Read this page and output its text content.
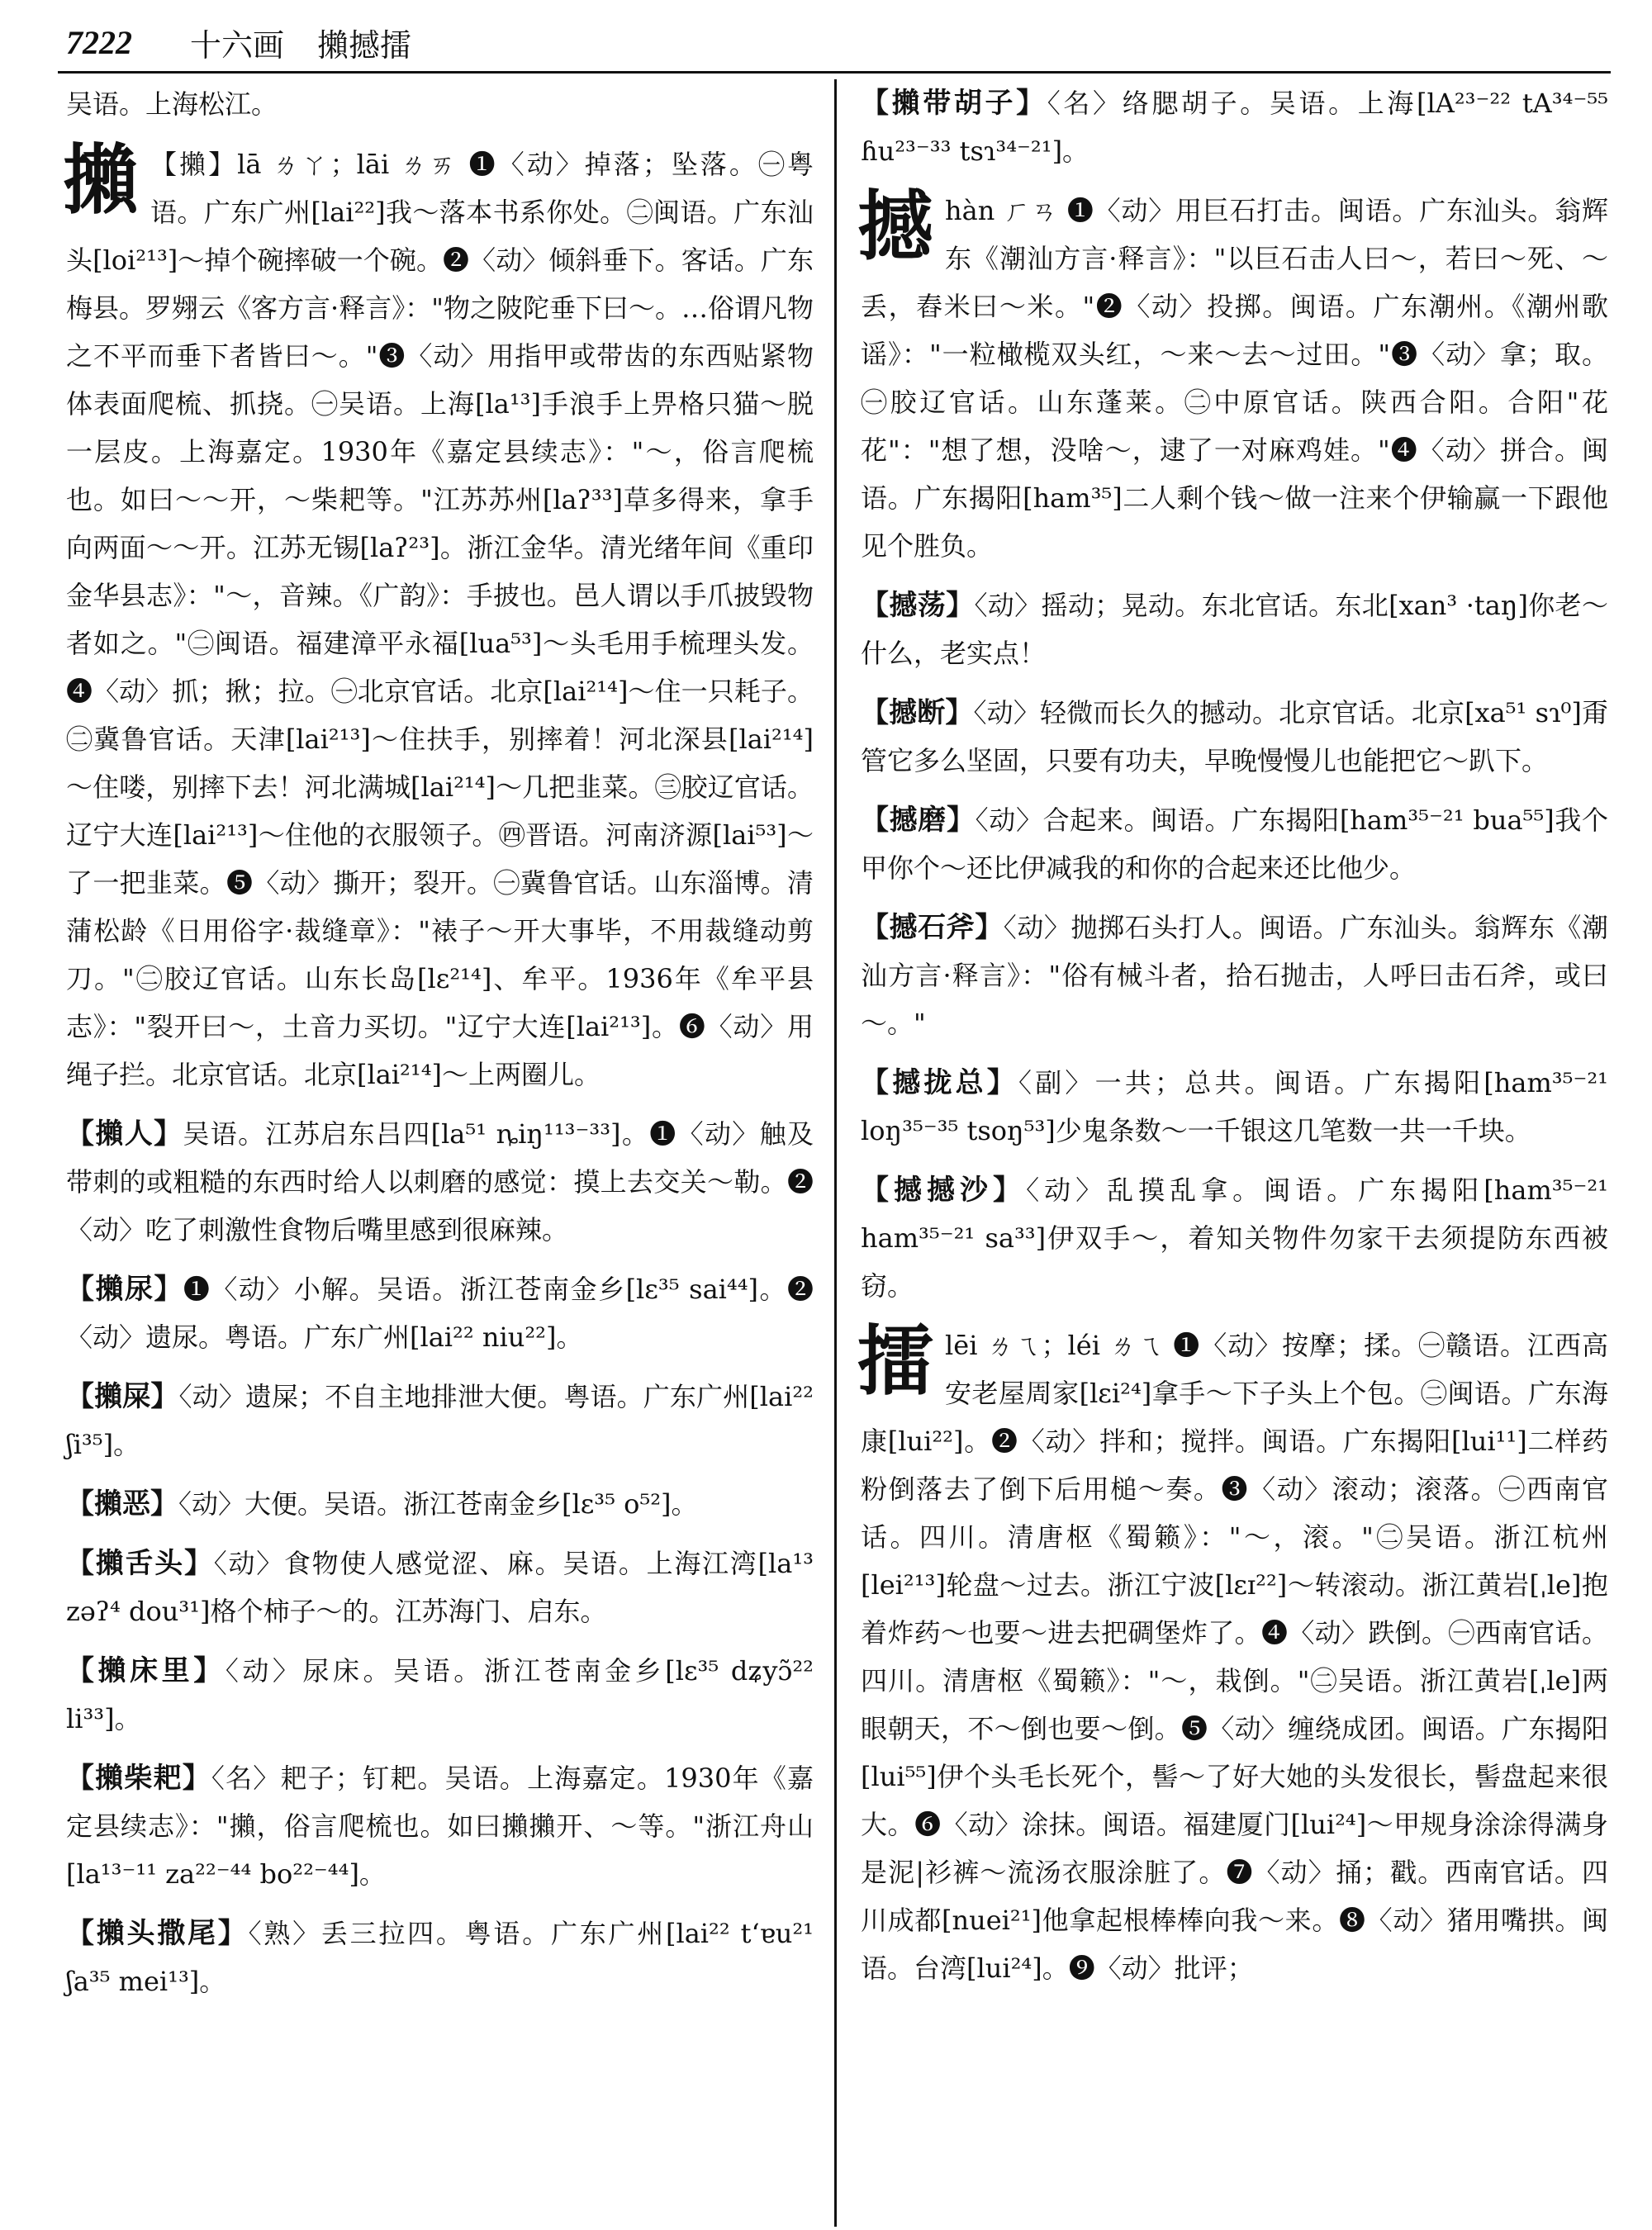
7222 十六画 攋撼擂
吴语。上海松江。
攋 【攋】lā ㄌㄚ；lāi ㄌㄞ ❶〈动〉掉落；坠落。㊀粤语。广东广州[lai²²]我～落本书系你处。㊁闽语。广东汕头[loi²¹³]～掉个碗摔破一个碗。❷〈动〉倾斜垂下。客话。广东梅县。罗翙云《客方言·释言》："物之陂陀垂下曰～。…俗谓凡物之不平而垂下者皆曰～。"❸〈动〉用指甲或带齿的东西贴紧物体表面爬梳、抓挠。㊀吴语。上海[la¹³]手浪手上畀格只猫～脱一层皮。上海嘉定。1930年《嘉定县续志》："～，俗言爬梳也。如曰～～开，～柴耙等。"江苏苏州[laʔ³³]草多得来，拿手向两面～～开。江苏无锡[laʔ²³]。浙江金华。清光绪年间《重印金华县志》："～，音辣。《广韵》：手披也。邑人谓以手爪披毁物者如之。"㊁闽语。福建漳平永福[lua⁵³]～头毛用手梳理头发。❹〈动〉抓；揪；拉。㊀北京官话。北京[lai²¹⁴]～住一只耗子。㊁冀鲁官话。天津[lai²¹³]～住扶手，别摔着！河北深县[lai²¹⁴]～住喽，别摔下去！河北满城[lai²¹⁴]～几把韭菜。㊂胶辽官话。辽宁大连[lai²¹³]～住他的衣服领子。㊃晋语。河南济源[lai⁵³]～了一把韭菜。❺〈动〉撕开；裂开。㊀冀鲁官话。山东淄博。清蒲松龄《日用俗字·裁缝章》："裱子～开大事毕，不用裁缝动剪刀。"㊁胶辽官话。山东长岛[lɛ²¹⁴]、牟平。1936年《牟平县志》："裂开曰～，土音力买切。"辽宁大连[lai²¹³]。❻〈动〉用绳子拦。北京官话。北京[lai²¹⁴]～上两圈儿。
【攋人】吴语。江苏启东吕四[la⁵¹ ȵiŋ¹¹³⁻³³]。❶〈动〉触及带刺的或粗糙的东西时给人以刺磨的感觉：摸上去交关～勒。❷〈动〉吃了刺激性食物后嘴里感到很麻辣。
【攋尿】❶〈动〉小解。吴语。浙江苍南金乡[lɛ³⁵ sai⁴⁴]。❷〈动〉遗尿。粤语。广东广州[lai²² niu²²]。
【攋屎】〈动〉遗屎；不自主地排泄大便。粤语。广东广州[lai²² ʃi³⁵]。
【攋恶】〈动〉大便。吴语。浙江苍南金乡[lɛ³⁵ o⁵²]。
【攋舌头】〈动〉食物使人感觉涩、麻。吴语。上海江湾[la¹³ zəʔ⁴ dou³¹]格个柿子～的。江苏海门、启东。
【攋床里】〈动〉尿床。吴语。浙江苍南金乡[lɛ³⁵ dʑyɔ̃²² li³³]。
【攋柴耙】〈名〉耙子；钉耙。吴语。上海嘉定。1930年《嘉定县续志》："攋，俗言爬梳也。如曰攋攋开、～等。"浙江舟山[la¹³⁻¹¹ za²²⁻⁴⁴ bo²²⁻⁴⁴]。
【攋头撒尾】〈熟〉丢三拉四。粤语。广东广州[lai²² tʻɐu²¹ ʃa³⁵ mei¹³]。
【攋带胡子】〈名〉络腮胡子。吴语。上海[lA²³⁻²² tA³⁴⁻⁵⁵ ɦu²³⁻³³ tsɿ³⁴⁻²¹]。
撼 hàn ㄏㄢ ❶〈动〉用巨石打击。闽语。广东汕头。翁辉东《潮汕方言·释言》："以巨石击人曰～，若曰～死、～丢，舂米曰～米。"❷〈动〉投掷。闽语。广东潮州。《潮州歌谣》："一粒橄榄双头红，～来～去～过田。"❸〈动〉拿；取。㊀胶辽官话。山东蓬莱。㊁中原官话。陕西合阳。合阳"花花"："想了想，没啥～，逮了一对麻鸡娃。"❹〈动〉拼合。闽语。广东揭阳[ham³⁵]二人剩个钱～做一注来个伊输赢一下跟他见个胜负。
【撼荡】〈动〉摇动；晃动。东北官话。东北[xan³ ·taŋ]你老～什么，老实点！
【撼断】〈动〉轻微而长久的撼动。北京官话。北京[xa⁵¹ sɿ⁰]甭管它多么坚固，只要有功夫，早晚慢慢儿也能把它～趴下。
【撼磨】〈动〉合起来。闽语。广东揭阳[ham³⁵⁻²¹ bua⁵⁵]我个甲你个～还比伊减我的和你的合起来还比他少。
【撼石斧】〈动〉抛掷石头打人。闽语。广东汕头。翁辉东《潮汕方言·释言》："俗有械斗者，拾石抛击，人呼曰击石斧，或曰～。"
【撼拢总】〈副〉一共；总共。闽语。广东揭阳[ham³⁵⁻²¹ loŋ³⁵⁻³⁵ tsoŋ⁵³]少鬼条数～一千银这几笔数一共一千块。
【撼撼沙】〈动〉乱摸乱拿。闽语。广东揭阳[ham³⁵⁻²¹ ham³⁵⁻²¹ sa³³]伊双手～，着知关物件勿家干去须提防东西被窃。
擂 lēi ㄌㄟ；léi ㄌㄟ ❶〈动〉按摩；揉。㊀赣语。江西高安老屋周家[lɛi²⁴]拿手～下子头上个包。㊁闽语。广东海康[lui²²]。❷〈动〉拌和；搅拌。闽语。广东揭阳[lui¹¹]二样药粉倒落去了倒下后用槌～奏。❸〈动〉滚动；滚落。㊀西南官话。四川。清唐枢《蜀籁》："～，滚。"㊁吴语。浙江杭州[lei²¹³]轮盘～过去。浙江宁波[lɛɪ²²]～转滚动。浙江黄岩[ˌle]抱着炸药～也要～进去把碉堡炸了。❹〈动〉跌倒。㊀西南官话。四川。清唐枢《蜀籁》："～，栽倒。"㊁吴语。浙江黄岩[ˌle]两眼朝天，不～倒也要～倒。❺〈动〉缠绕成团。闽语。广东揭阳[lui⁵⁵]伊个头毛长死个，髻～了好大她的头发很长，髻盘起来很大。❻〈动〉涂抹。闽语。福建厦门[lui²⁴]～甲规身涂涂得满身是泥|衫裤～流汤衣服涂脏了。❼〈动〉捅；戳。西南官话。四川成都[nuei²¹]他拿起根棒棒向我～来。❽〈动〉猪用嘴拱。闽语。台湾[lui²⁴]。❾〈动〉批评；
